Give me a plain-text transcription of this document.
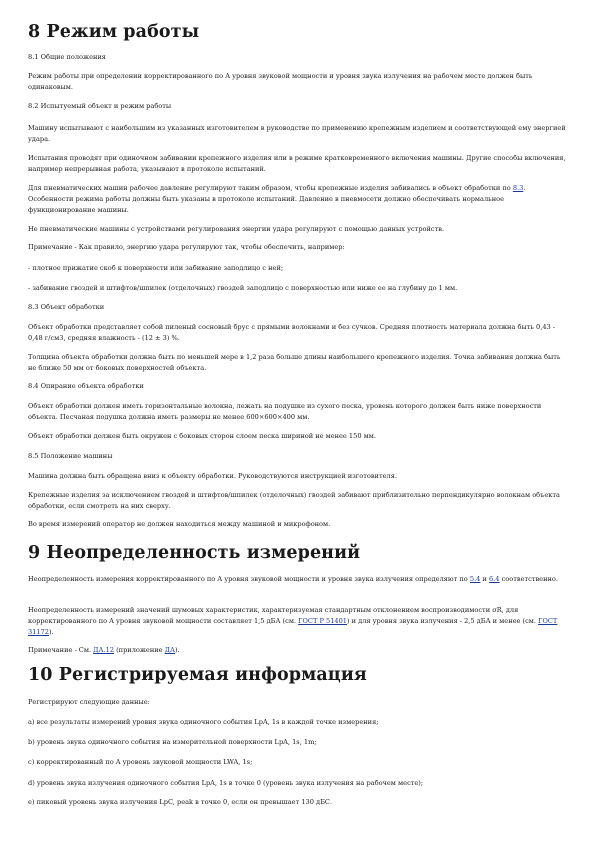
8 Режим работы
8.1 Общие положения
Режим работы при определении корректированного по A уровня звуковой мощности и уровня звука излучения на рабочем месте должен быть одинаковым.
8.2 Испытуемый объект и режим работы
Машину испытывают с наибольшим из указанных изготовителем в руководстве по применению крепежным изделием и соответствующей ему энергией удара.
Испытания проводят при одиночном забивании крепежного изделия или в режиме кратковременного включения машины. Другие способы включения, например непрерывная работа, указывают в протоколе испытаний.
Для пневматических машин рабочее давление регулируют таким образом, чтобы крепежные изделия забивались в объект обработки по 8.3. Особенности режима работы должны быть указаны в протоколе испытаний. Давление в пневмосети должно обеспечивать нормальное функционирование машины.
Не пневматические машины с устройствами регулирования энергии удара регулируют с помощью данных устройств.
Примечание - Как правило, энергию удара регулируют так, чтобы обеспечить, например:
- плотное прижатие скоб к поверхности или забивание заподлицо с ней;
- забивание гвоздей и штифтов/шпилек (отделочных) гвоздей заподлицо с поверхностью или ниже ее на глубину до 1 мм.
8.3 Объект обработки
Объект обработки представляет собой пиленый сосновый брус с прямыми волокнами и без сучков. Средняя плотность материала должна быть 0,43 - 0,48 г/см3, средняя влажность - (12 ± 3) %.
Толщина объекта обработки должна быть по меньшей мере в 1,2 раза больше длины наибольшего крепежного изделия. Точка забивания должна быть не ближе 50 мм от боковых поверхностей объекта.
8.4 Опирание объекта обработки
Объект обработки должен иметь горизонтальные волокна, лежать на подушке из сухого песка, уровень которого должен быть ниже поверхности объекта. Песчаная подушка должна иметь размеры не менее 600×600×400 мм.
Объект обработки должен быть окружен с боковых сторон слоем песка шириной не менее 150 мм.
8.5 Положение машины
Машина должна быть обращена вниз к объекту обработки. Руководствуются инструкцией изготовителя.
Крепежные изделия за исключением гвоздей и штифтов/шпилек (отделочных) гвоздей забивают приблизительно перпендикулярно волокнам объекта обработки, если смотреть на них сверху.
Во время измерений оператор не должен находиться между машиной и микрофоном.
9 Неопределенность измерений
Неопределенность измерения корректированного по A уровня звуковой мощности и уровня звука излучения определяют по 5.4 и 6.4 соответственно.
Неопределенность измерений значений шумовых характеристик, характеризуемая стандартным отклонением воспроизводимости σR, для корректированного по A уровня звуковой мощности составляет 1,5 дБА (см. ГОСТ Р 51401) и для уровня звука излучения - 2,5 дБА и менее (см. ГОСТ 31172).
Примечание - См. ДА.12 (приложение ДА).
10 Регистрируемая информация
Регистрируют следующие данные:
а) все результаты измерений уровня звука одиночного события LpA, 1s в каждой точке измерения;
b) уровень звука одиночного события на измерительной поверхности LpA, 1s, 1m;
c) корректированный по A уровень звуковой мощности LWA, 1s;
d) уровень звука излучения одиночного события LpA, 1s в точке 0 (уровень звука излучения на рабочем месте);
e) пиковый уровень звука излучения LpC, peak в точке 0, если он превышает 130 дБС.
